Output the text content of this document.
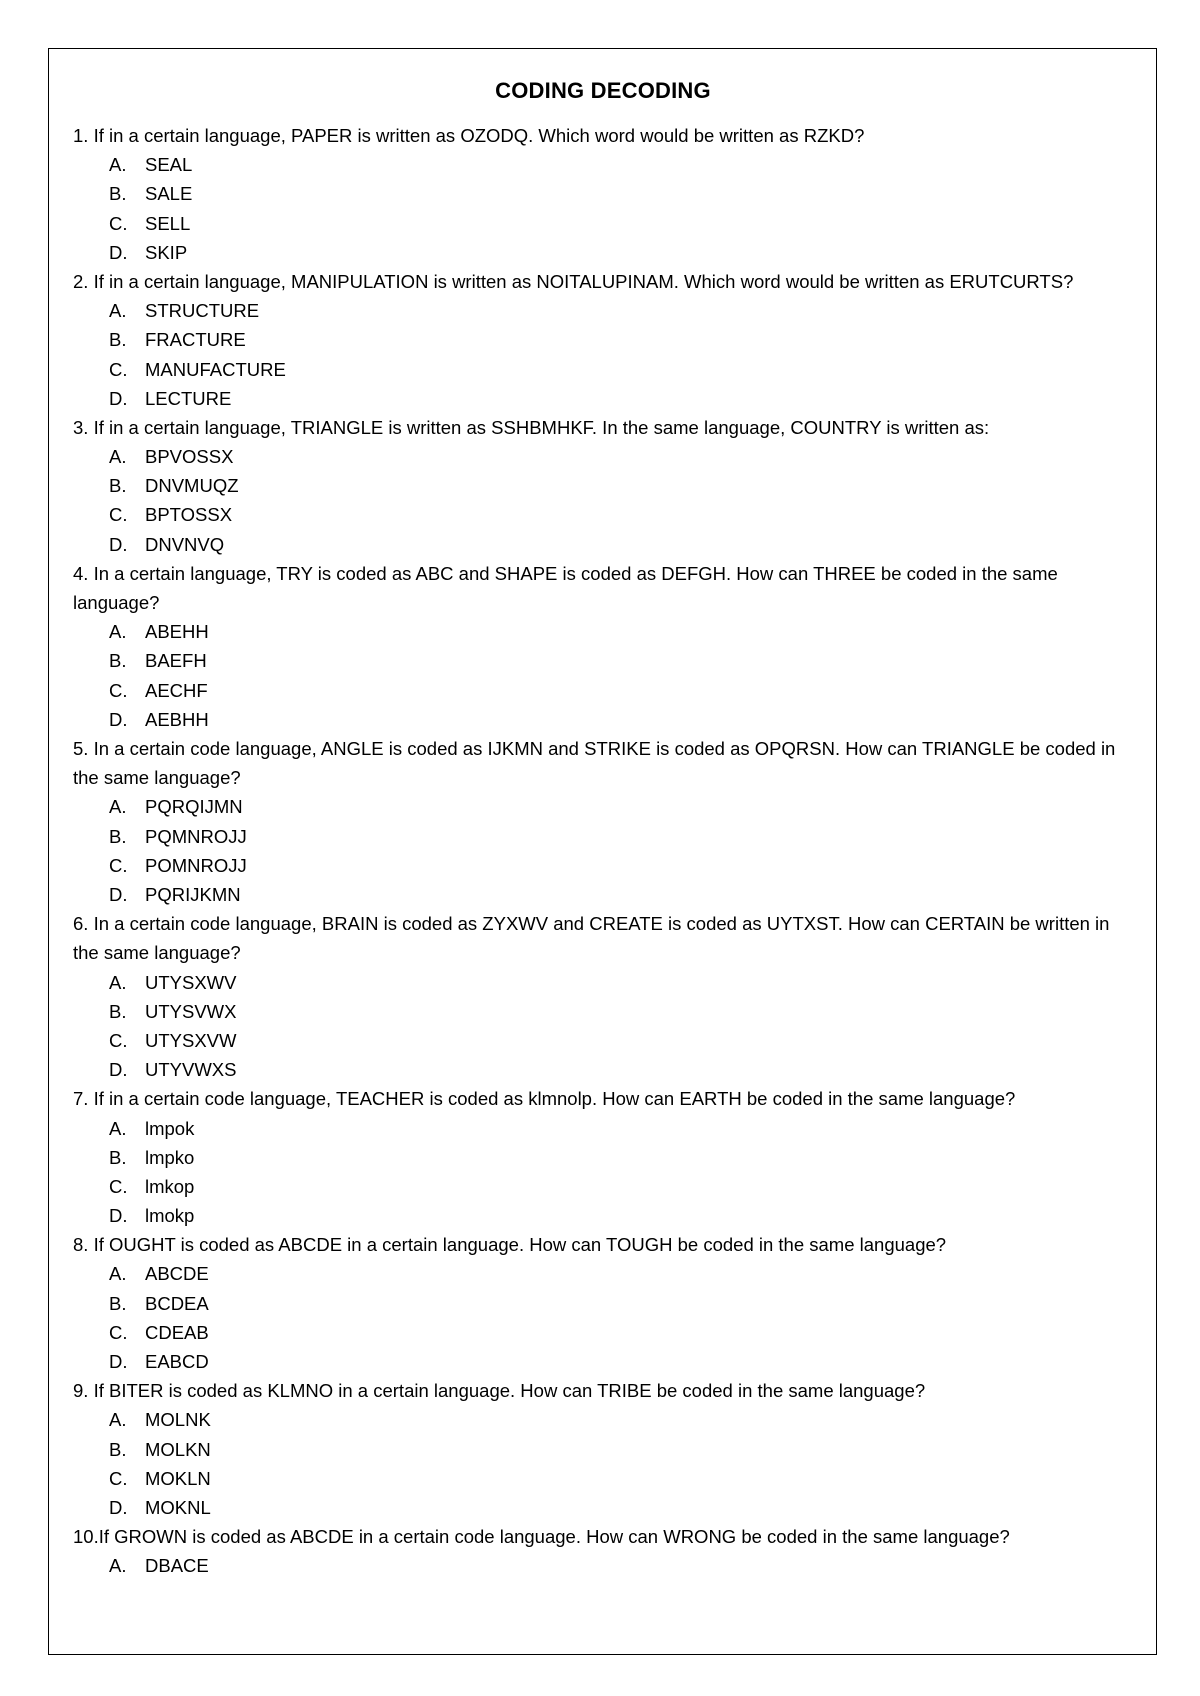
CODING DECODING

1. If in a certain language, PAPER is written as OZODQ. Which word would be written as RZKD?

A.	SEAL
B.	SALE
C. SELL
D. SKIP

2. If in a certain language, MANIPULATION is written as NOITALUPINAM. Which word would be written as ERUTCURTS?

A.	STRUCTURE
B.	FRACTURE
C. MANUFACTURE
D. LECTURE

3. If in a certain language, TRIANGLE is written as SSHBMHKF. In the same language, COUNTRY is written as:

A.	BPVOSSX
B.	DNVMUQZ
C. BPTOSSX
D. DNVNVQ

4. In a certain language, TRY is coded as ABC and SHAPE is coded as DEFGH. How can THREE be coded in the same language?

A.	ABEHH
B.	BAEFH
C. AECHF
D. AEBHH

5. In a certain code language, ANGLE is coded as IJKMN and STRIKE is coded as OPQRSN. How can TRIANGLE be coded in the same language?

A.	PQRQIJMN
B.	PQMNROJJ
C. POMNROJJ
D. PQRIJKMN

6. In a certain code language, BRAIN is coded as ZYXWV and CREATE is coded as UYTXST. How can CERTAIN be written in the same language?

A.	UTYSXWV
B.	UTYSVWX
C. UTYSXVW
D. UTYVWXS

7. If in a certain code language, TEACHER is coded as klmnolp. How can EARTH be coded in the same language?

A.	lmpok
B.	lmpko
C. lmkop
D. lmokp

8. If OUGHT is coded as ABCDE in a certain language. How can TOUGH be coded in the same language?

A.	ABCDE
B.	BCDEA
C. CDEAB
D. EABCD

9. If BITER is coded as KLMNO in a certain language. How can TRIBE be coded in the same language?

A.	MOLNK
B.	MOLKN
C. MOKLN
D. MOKNL

10.If GROWN is coded as ABCDE in a certain code language. How can WRONG be coded in the same language?

A.	DBACE
